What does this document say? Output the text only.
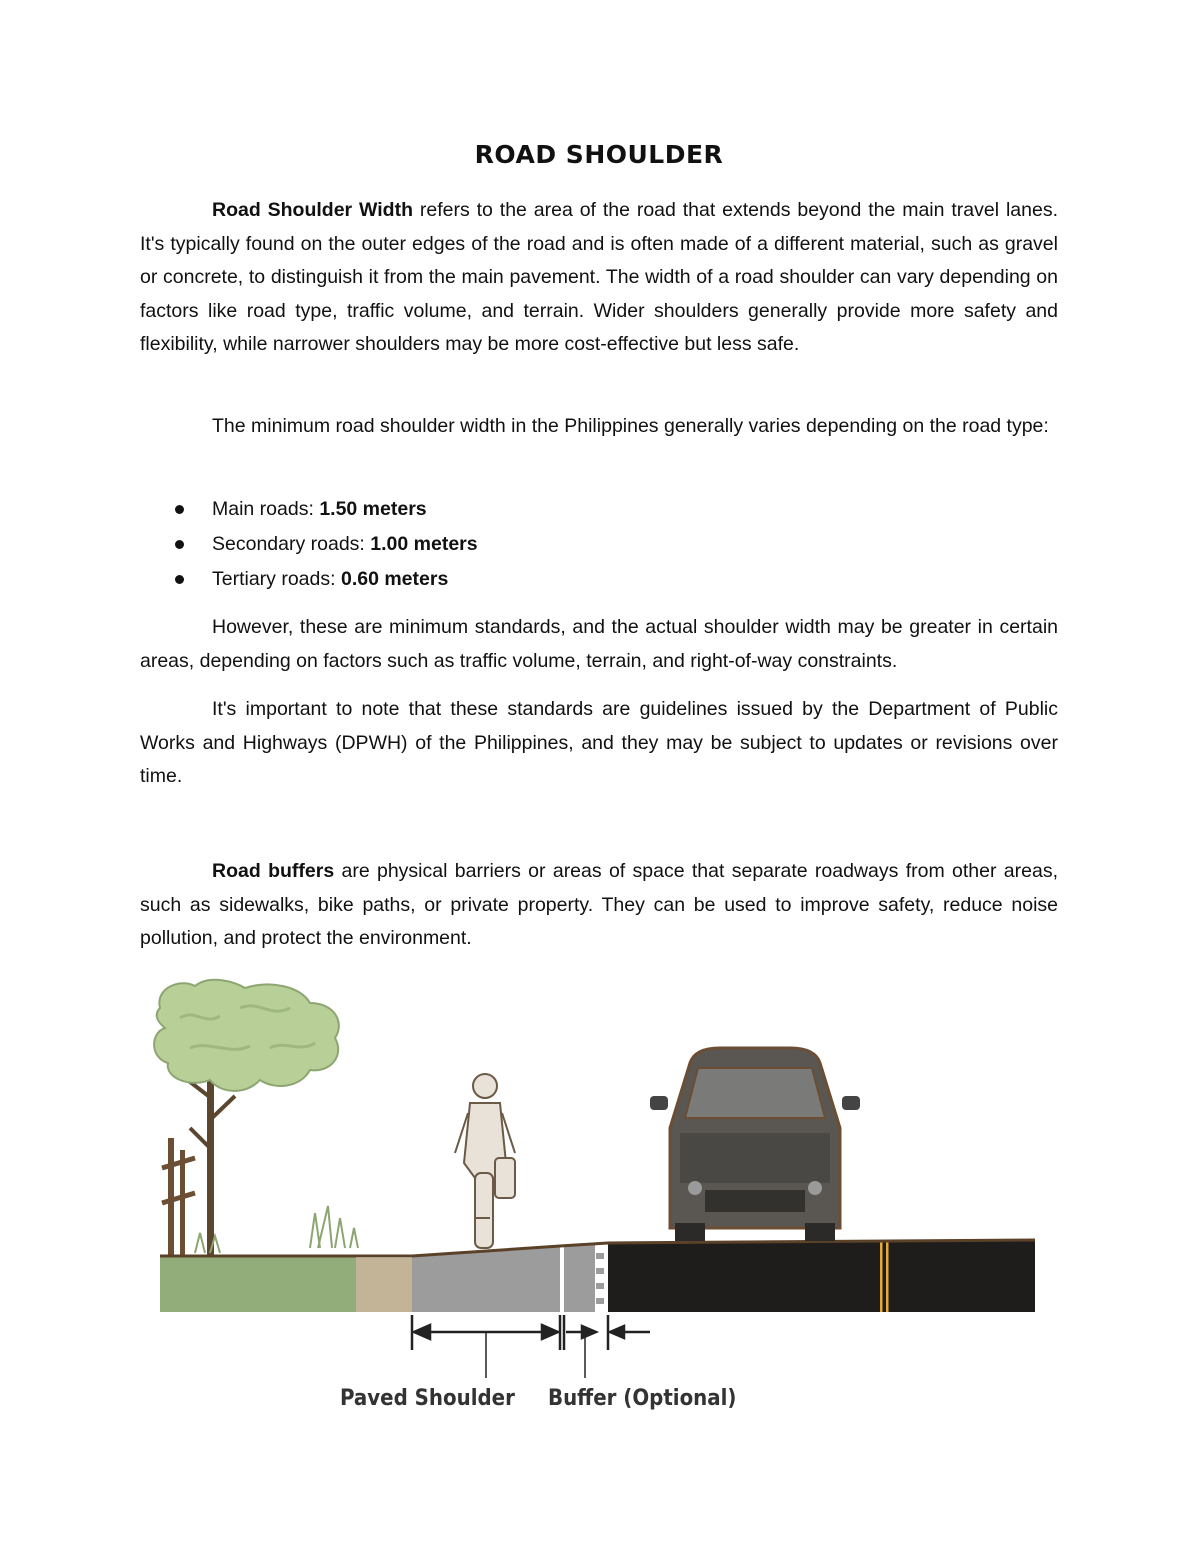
ROAD SHOULDER

Road Shoulder Width refers to the area of the road that extends beyond the main travel lanes. It's typically found on the outer edges of the road and is often made of a different material, such as gravel or concrete, to distinguish it from the main pavement. The width of a road shoulder can vary depending on factors like road type, traffic volume, and terrain. Wider shoulders generally provide more safety and flexibility, while narrower shoulders may be more cost-effective but less safe.

The minimum road shoulder width in the Philippines generally varies depending on the road type:

Main roads: 1.50 meters
Secondary roads: 1.00 meters
Tertiary roads: 0.60 meters

However, these are minimum standards, and the actual shoulder width may be greater in certain areas, depending on factors such as traffic volume, terrain, and right-of-way constraints.

It's important to note that these standards are guidelines issued by the Department of Public Works and Highways (DPWH) of the Philippines, and they may be subject to updates or revisions over time.

Road buffers are physical barriers or areas of space that separate roadways from other areas, such as sidewalks, bike paths, or private property. They can be used to improve safety, reduce noise pollution, and protect the environment.

Paved Shoulder Buffer (Optional)
